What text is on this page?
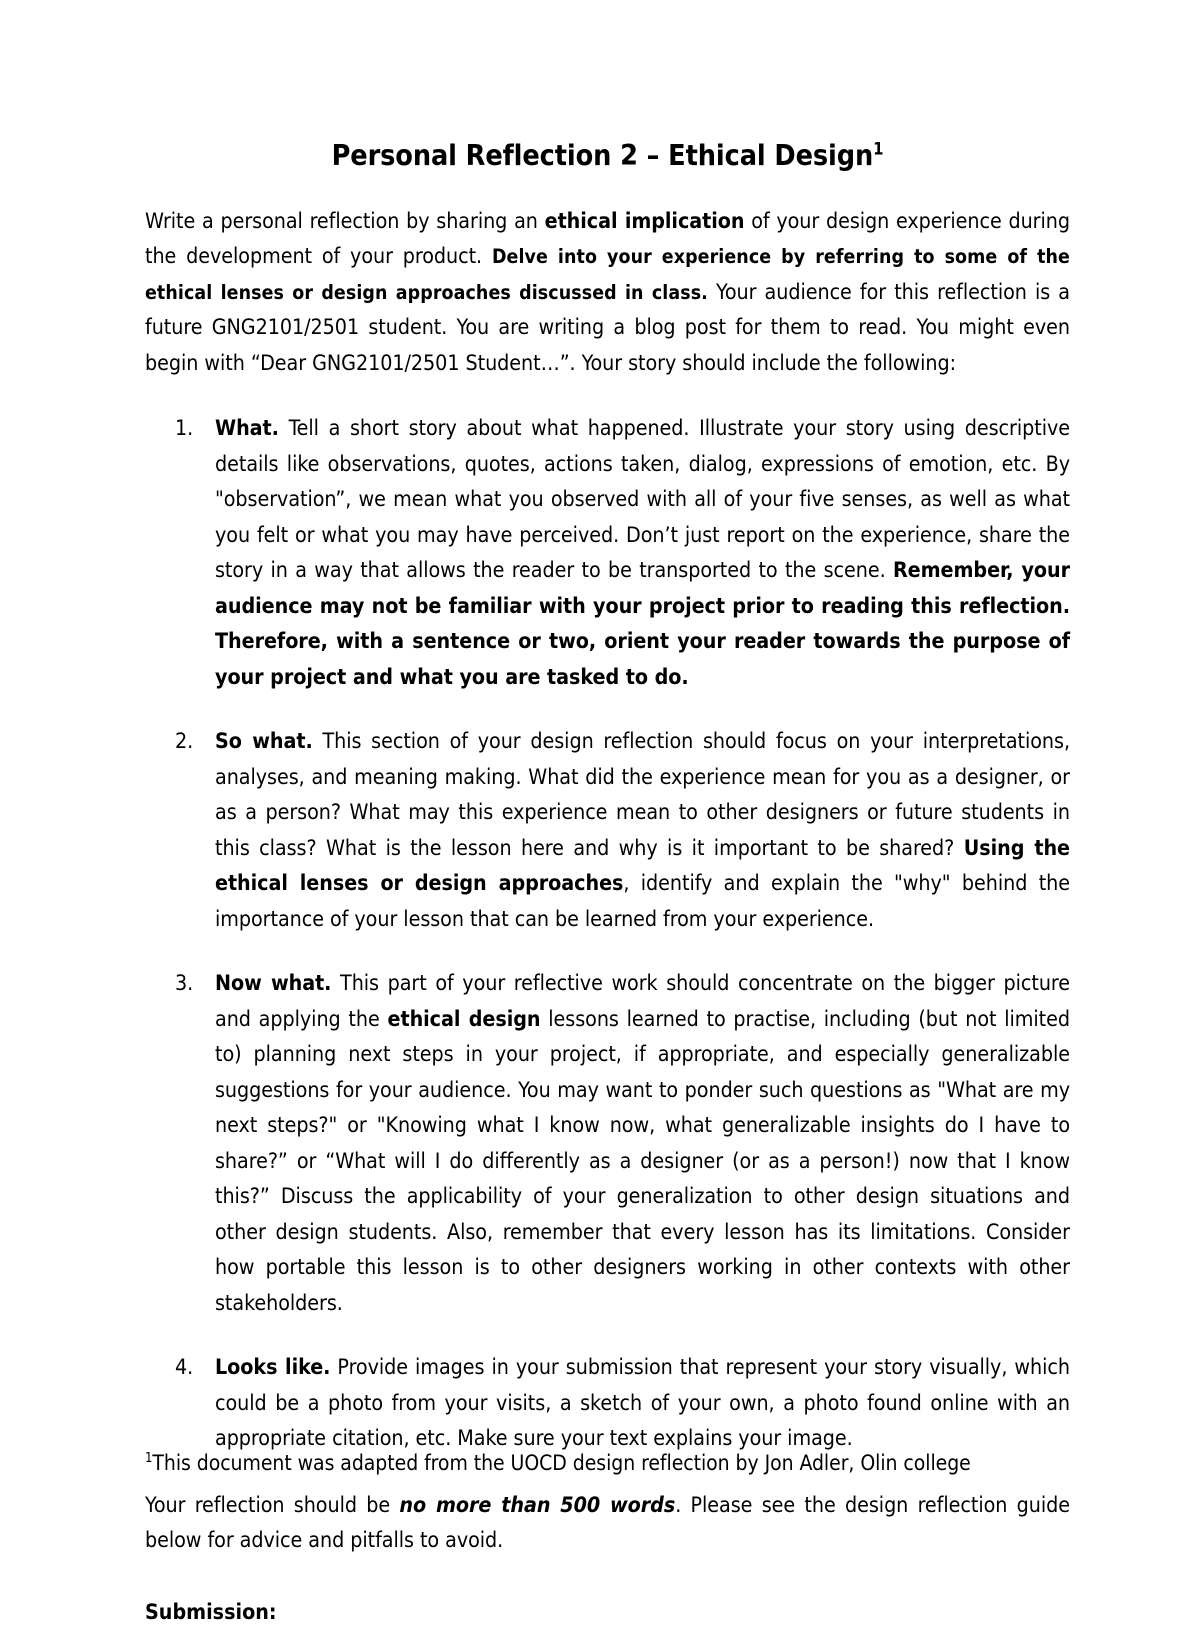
Personal Reflection 2 – Ethical Design$^1$

Write a personal reflection by sharing an ethical implication of your design experience during the development of your product. Delve into your experience by referring to some of the ethical lenses or design approaches discussed in class. Your audience for this reflection is a future GNG2101/2501 student. You are writing a blog post for them to read. You might even begin with “Dear GNG2101/2501 Student…”. Your story should include the following:

What. Tell a short story about what happened. Illustrate your story using descriptive details like observations, quotes, actions taken, dialog, expressions of emotion, etc. By "observation”, we mean what you observed with all of your five senses, as well as what you felt or what you may have perceived. Don’t just report on the experience, share the story in a way that allows the reader to be transported to the scene. Remember, your audience may not be familiar with your project prior to reading this reflection. Therefore, with a sentence or two, orient your reader towards the purpose of your project and what you are tasked to do.
So what. This section of your design reflection should focus on your interpretations, analyses, and meaning making. What did the experience mean for you as a designer, or as a person? What may this experience mean to other designers or future students in this class? What is the lesson here and why is it important to be shared? Using the ethical lenses or design approaches, identify and explain the "why" behind the importance of your lesson that can be learned from your experience.
Now what. This part of your reflective work should concentrate on the bigger picture and applying the ethical design lessons learned to practise, including (but not limited to) planning next steps in your project, if appropriate, and especially generalizable suggestions for your audience. You may want to ponder such questions as "What are my next steps?" or "Knowing what I know now, what generalizable insights do I have to share?” or “What will I do differently as a designer (or as a person!) now that I know this?” Discuss the applicability of your generalization to other design situations and other design students. Also, remember that every lesson has its limitations. Consider how portable this lesson is to other designers working in other contexts with other stakeholders.
Looks like. Provide images in your submission that represent your story visually, which could be a photo from your visits, a sketch of your own, a photo found online with an appropriate citation, etc. Make sure your text explains your image.

Your reflection should be no more than 500 words. Please see the design reflection guide below for advice and pitfalls to avoid.

Submission:

$^1$This document was adapted from the UOCD design reflection by Jon Adler, Olin college
